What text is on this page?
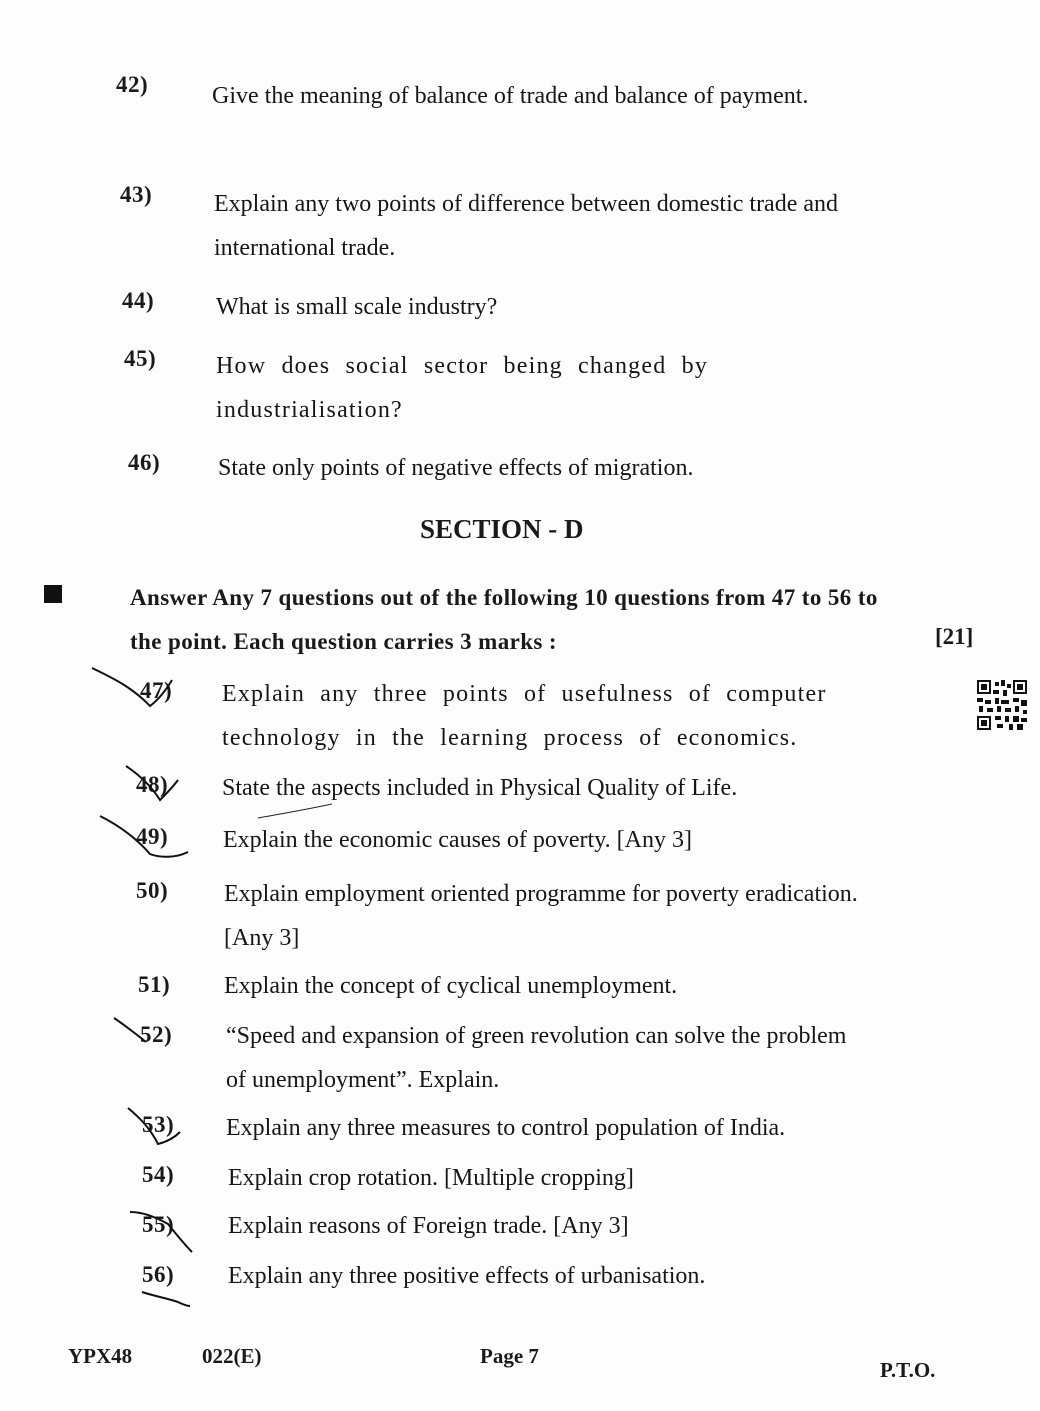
42)	Give the meaning of balance of trade and balance of payment.
43)	Explain any two points of difference between domestic trade and international trade.
44)	What is small scale industry?
45) How does social sector being changed by industrialisation?
46) State only points of negative effects of migration.
SECTION - D
Answer Any 7 questions out of the following 10 questions from 47 to 56 to the point. Each question carries 3 marks :	[21]
47) Explain any three points of usefulness of computer technology in the learning process of economics.
48) State the aspects included in Physical Quality of Life.
49) Explain the economic causes of poverty. [Any 3]
50) Explain employment oriented programme for poverty eradication. [Any 3]
51) Explain the concept of cyclical unemployment.
52) “Speed and expansion of green revolution can solve the problem of unemployment”. Explain.
53) Explain any three measures to control population of India.
54) Explain crop rotation. [Multiple cropping]
55) Explain reasons of Foreign trade. [Any 3]
56) Explain any three positive effects of urbanisation.
YPX48	022(E)	Page 7
P.T.O.
